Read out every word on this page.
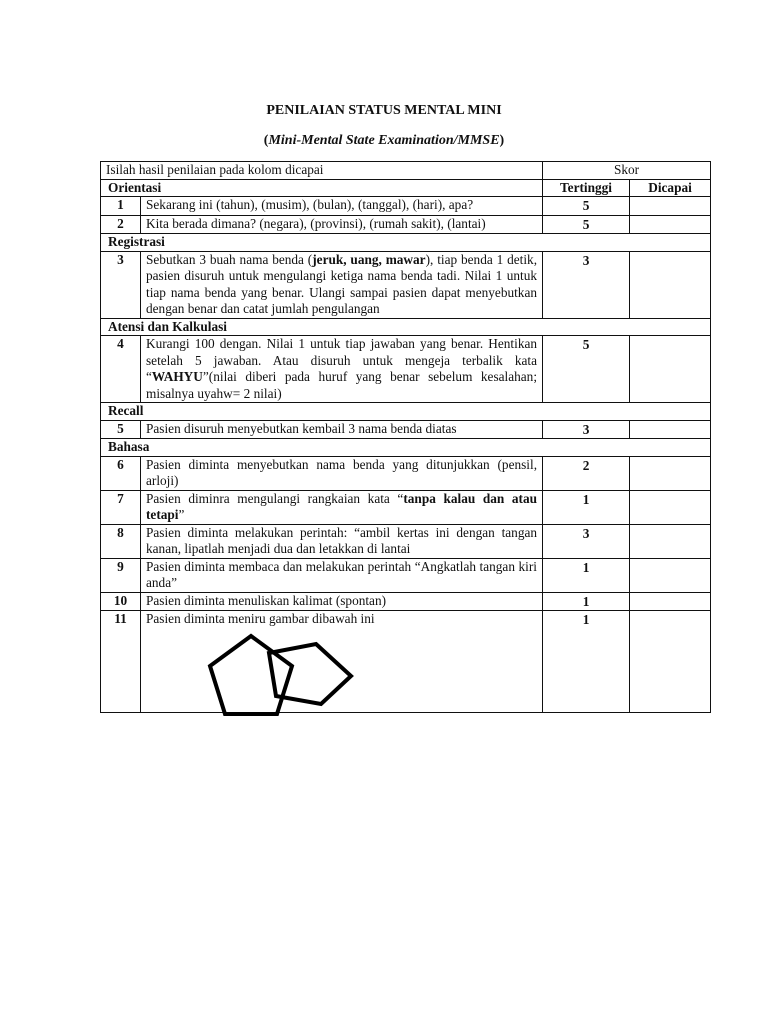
PENILAIAN STATUS MENTAL MINI
(Mini-Mental State Examination/MMSE)
Isilah hasil penilaian pada kolom dicapai		Skor	
Orientasi		Tertinggi	Dicapai
1	Sekarang ini (tahun), (musim), (bulan), (tanggal), (hari), apa?	5	
2	Kita berada dimana? (negara), (provinsi), (rumah sakit), (lantai)	5	
Registrasi			
3	Sebutkan 3 buah nama benda (jeruk, uang, mawar), tiap benda 1 detik, pasien disuruh untuk mengulangi ketiga nama benda tadi. Nilai 1 untuk tiap nama benda yang benar. Ulangi sampai pasien dapat menyebutkan dengan benar dan catat jumlah pengulangan	3	
Atensi dan Kalkulasi			
4	Kurangi 100 dengan. Nilai 1 untuk tiap jawaban yang benar. Hentikan setelah 5 jawaban. Atau disuruh untuk mengeja terbalik kata “WAHYU”(nilai diberi pada huruf yang benar sebelum kesalahan; misalnya uyahw= 2 nilai)	5	
Recall			
5	Pasien disuruh menyebutkan kembail 3 nama benda diatas	3	
Bahasa			
6	Pasien diminta menyebutkan nama benda yang ditunjukkan (pensil, arloji)	2	
7	Pasien diminra mengulangi rangkaian kata “tanpa kalau dan atau tetapi”	1	
8	Pasien diminta melakukan perintah: “ambil kertas ini dengan tangan kanan, lipatlah menjadi dua dan letakkan di lantai	3	
9	Pasien diminta membaca dan melakukan perintah “Angkatlah tangan kiri anda”	1	
10	Pasien diminta menuliskan kalimat (spontan)	1	
11	Pasien diminta meniru gambar dibawah ini	1	
